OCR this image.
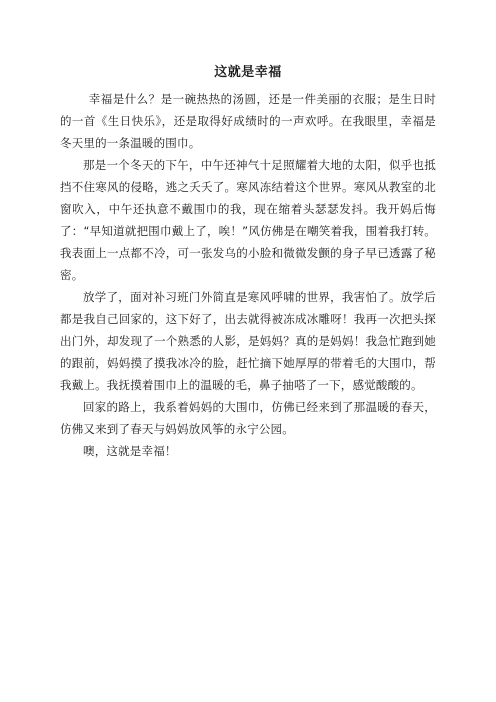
这就是幸福

幸福是什么？是一碗热热的汤圆，还是一件美丽的衣服；是生日时的一首《生日快乐》，还是取得好成绩时的一声欢呼。在我眼里，幸福是冬天里的一条温暖的围巾。

那是一个冬天的下午，中午还神气十足照耀着大地的太阳，似乎也抵挡不住寒风的侵略，逃之夭夭了。寒风冻结着这个世界。寒风从教室的北窗吹入，中午还执意不戴围巾的我，现在缩着头瑟瑟发抖。我开妈后悔了：“早知道就把围巾戴上了，唉！”风仿佛是在嘲笑着我，围着我打转。我表面上一点都不冷，可一张发乌的小脸和微微发颤的身子早已透露了秘密。

放学了，面对补习班门外简直是寒风呼啸的世界，我害怕了。放学后都是我自己回家的，这下好了，出去就得被冻成冰雕呀！我再一次把头探出门外，却发现了一个熟悉的人影，是妈妈？真的是妈妈！我急忙跑到她的跟前，妈妈摸了摸我冰冷的脸，赶忙摘下她厚厚的带着毛的大围巾，帮我戴上。我抚摸着围巾上的温暖的毛，鼻子抽嗒了一下，感觉酸酸的。

回家的路上，我系着妈妈的大围巾，仿佛已经来到了那温暖的春天，仿佛又来到了春天与妈妈放风筝的永宁公园。

噢，这就是幸福！
